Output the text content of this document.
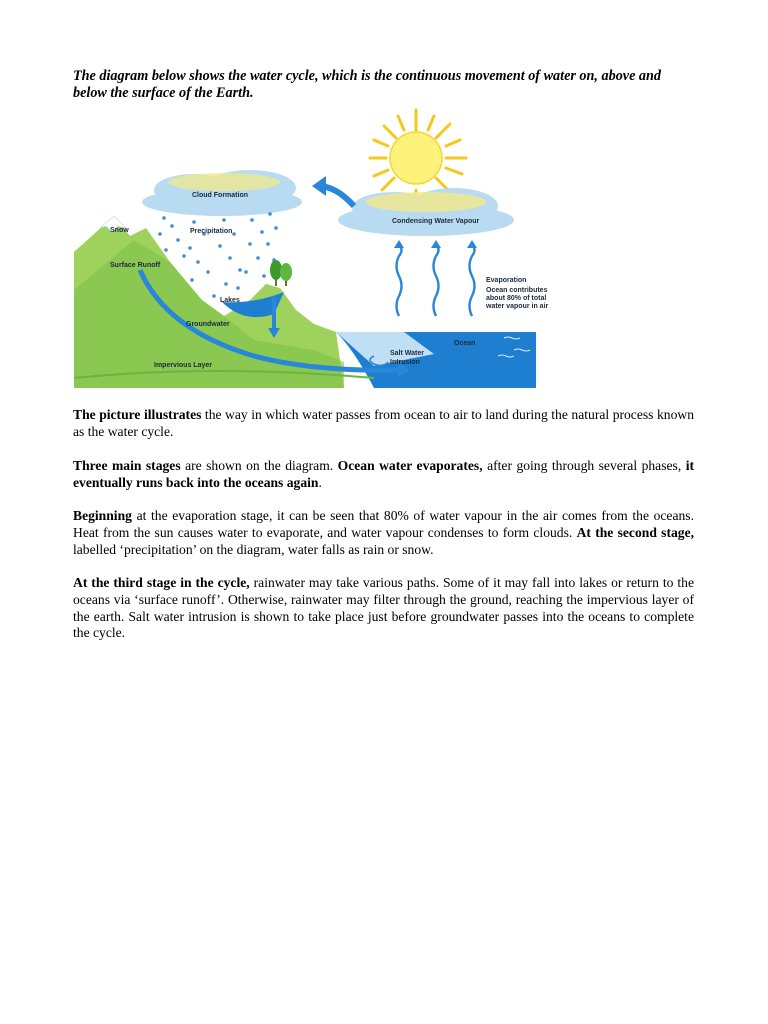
The diagram below shows the water cycle, which is the continuous movement of water on, above and below the surface of the Earth.

Cloud Formation
Condensing Water Vapour
Snow	Precipitation
Surface Runoff
Lakes
Groundwater
Impervious Layer
Evaporation
Ocean contributes
about 80% of total
water vapour in air
Ocean
Salt Water
Intrusion

The picture illustrates the way in which water passes from ocean to air to land during the natural process known as the water cycle.

Three main stages are shown on the diagram. Ocean water evaporates, after going through several phases, it eventually runs back into the oceans again.

Beginning at the evaporation stage, it can be seen that 80% of water vapour in the air comes from the oceans. Heat from the sun causes water to evaporate, and water vapour condenses to form clouds. At the second stage, labelled ‘precipitation’ on the diagram, water falls as rain or snow.

At the third stage in the cycle, rainwater may take various paths. Some of it may fall into lakes or return to the oceans via ‘surface runoff’. Otherwise, rainwater may filter through the ground, reaching the impervious layer of the earth. Salt water intrusion is shown to take place just before groundwater passes into the oceans to complete the cycle.
